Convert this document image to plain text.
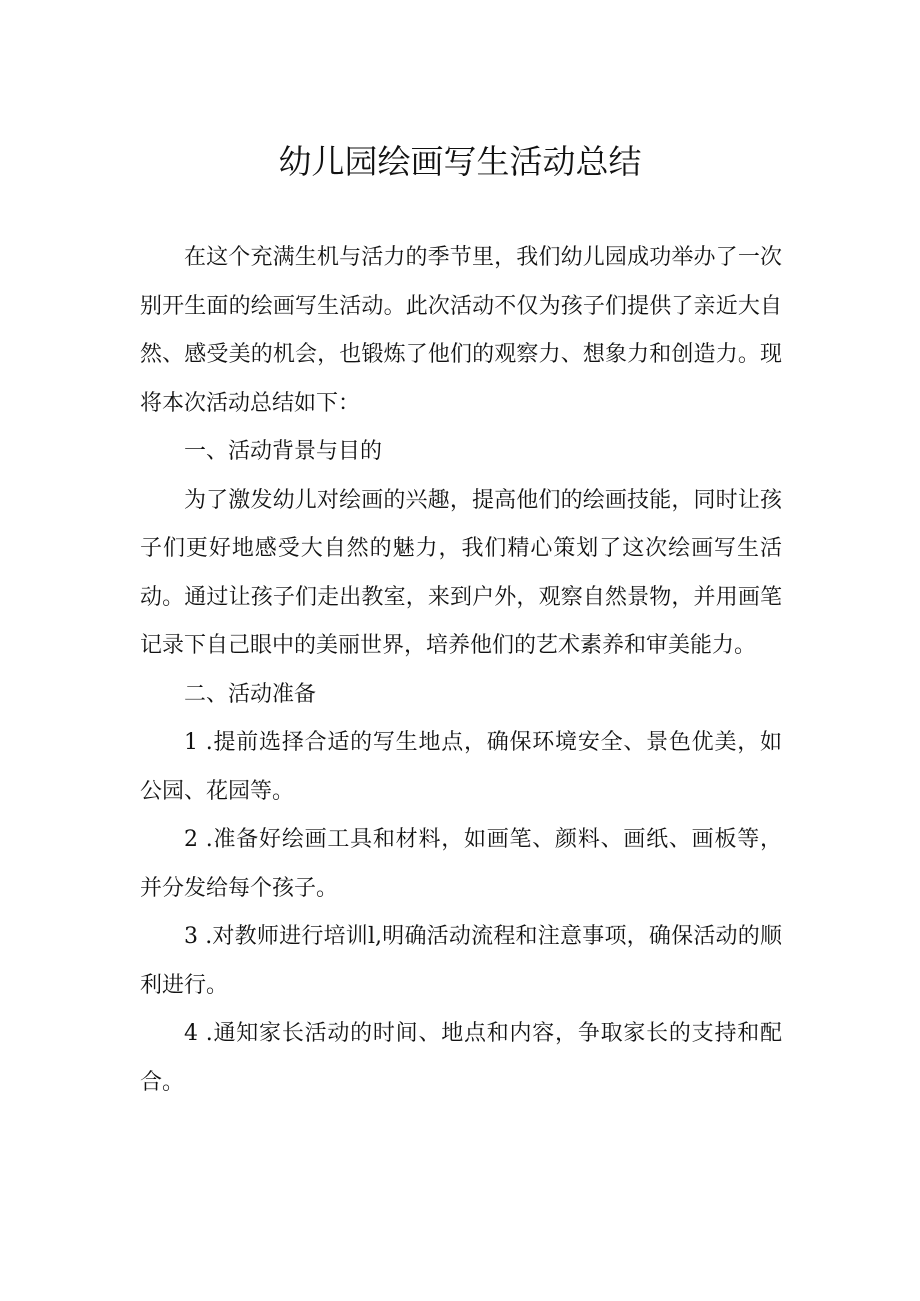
幼儿园绘画写生活动总结

在这个充满生机与活力的季节里，我们幼儿园成功举办了一次别开生面的绘画写生活动。此次活动不仅为孩子们提供了亲近大自然、感受美的机会，也锻炼了他们的观察力、想象力和创造力。现将本次活动总结如下：

一、活动背景与目的

为了激发幼儿对绘画的兴趣，提高他们的绘画技能，同时让孩子们更好地感受大自然的魅力，我们精心策划了这次绘画写生活动。通过让孩子们走出教室，来到户外，观察自然景物，并用画笔记录下自己眼中的美丽世界，培养他们的艺术素养和审美能力。

二、活动准备

1 .提前选择合适的写生地点，确保环境安全、景色优美，如公园、花园等。

2 .准备好绘画工具和材料，如画笔、颜料、画纸、画板等，并分发给每个孩子。

3 .对教师进行培训l,明确活动流程和注意事项，确保活动的顺利进行。

4 .通知家长活动的时间、地点和内容，争取家长的支持和配合。
